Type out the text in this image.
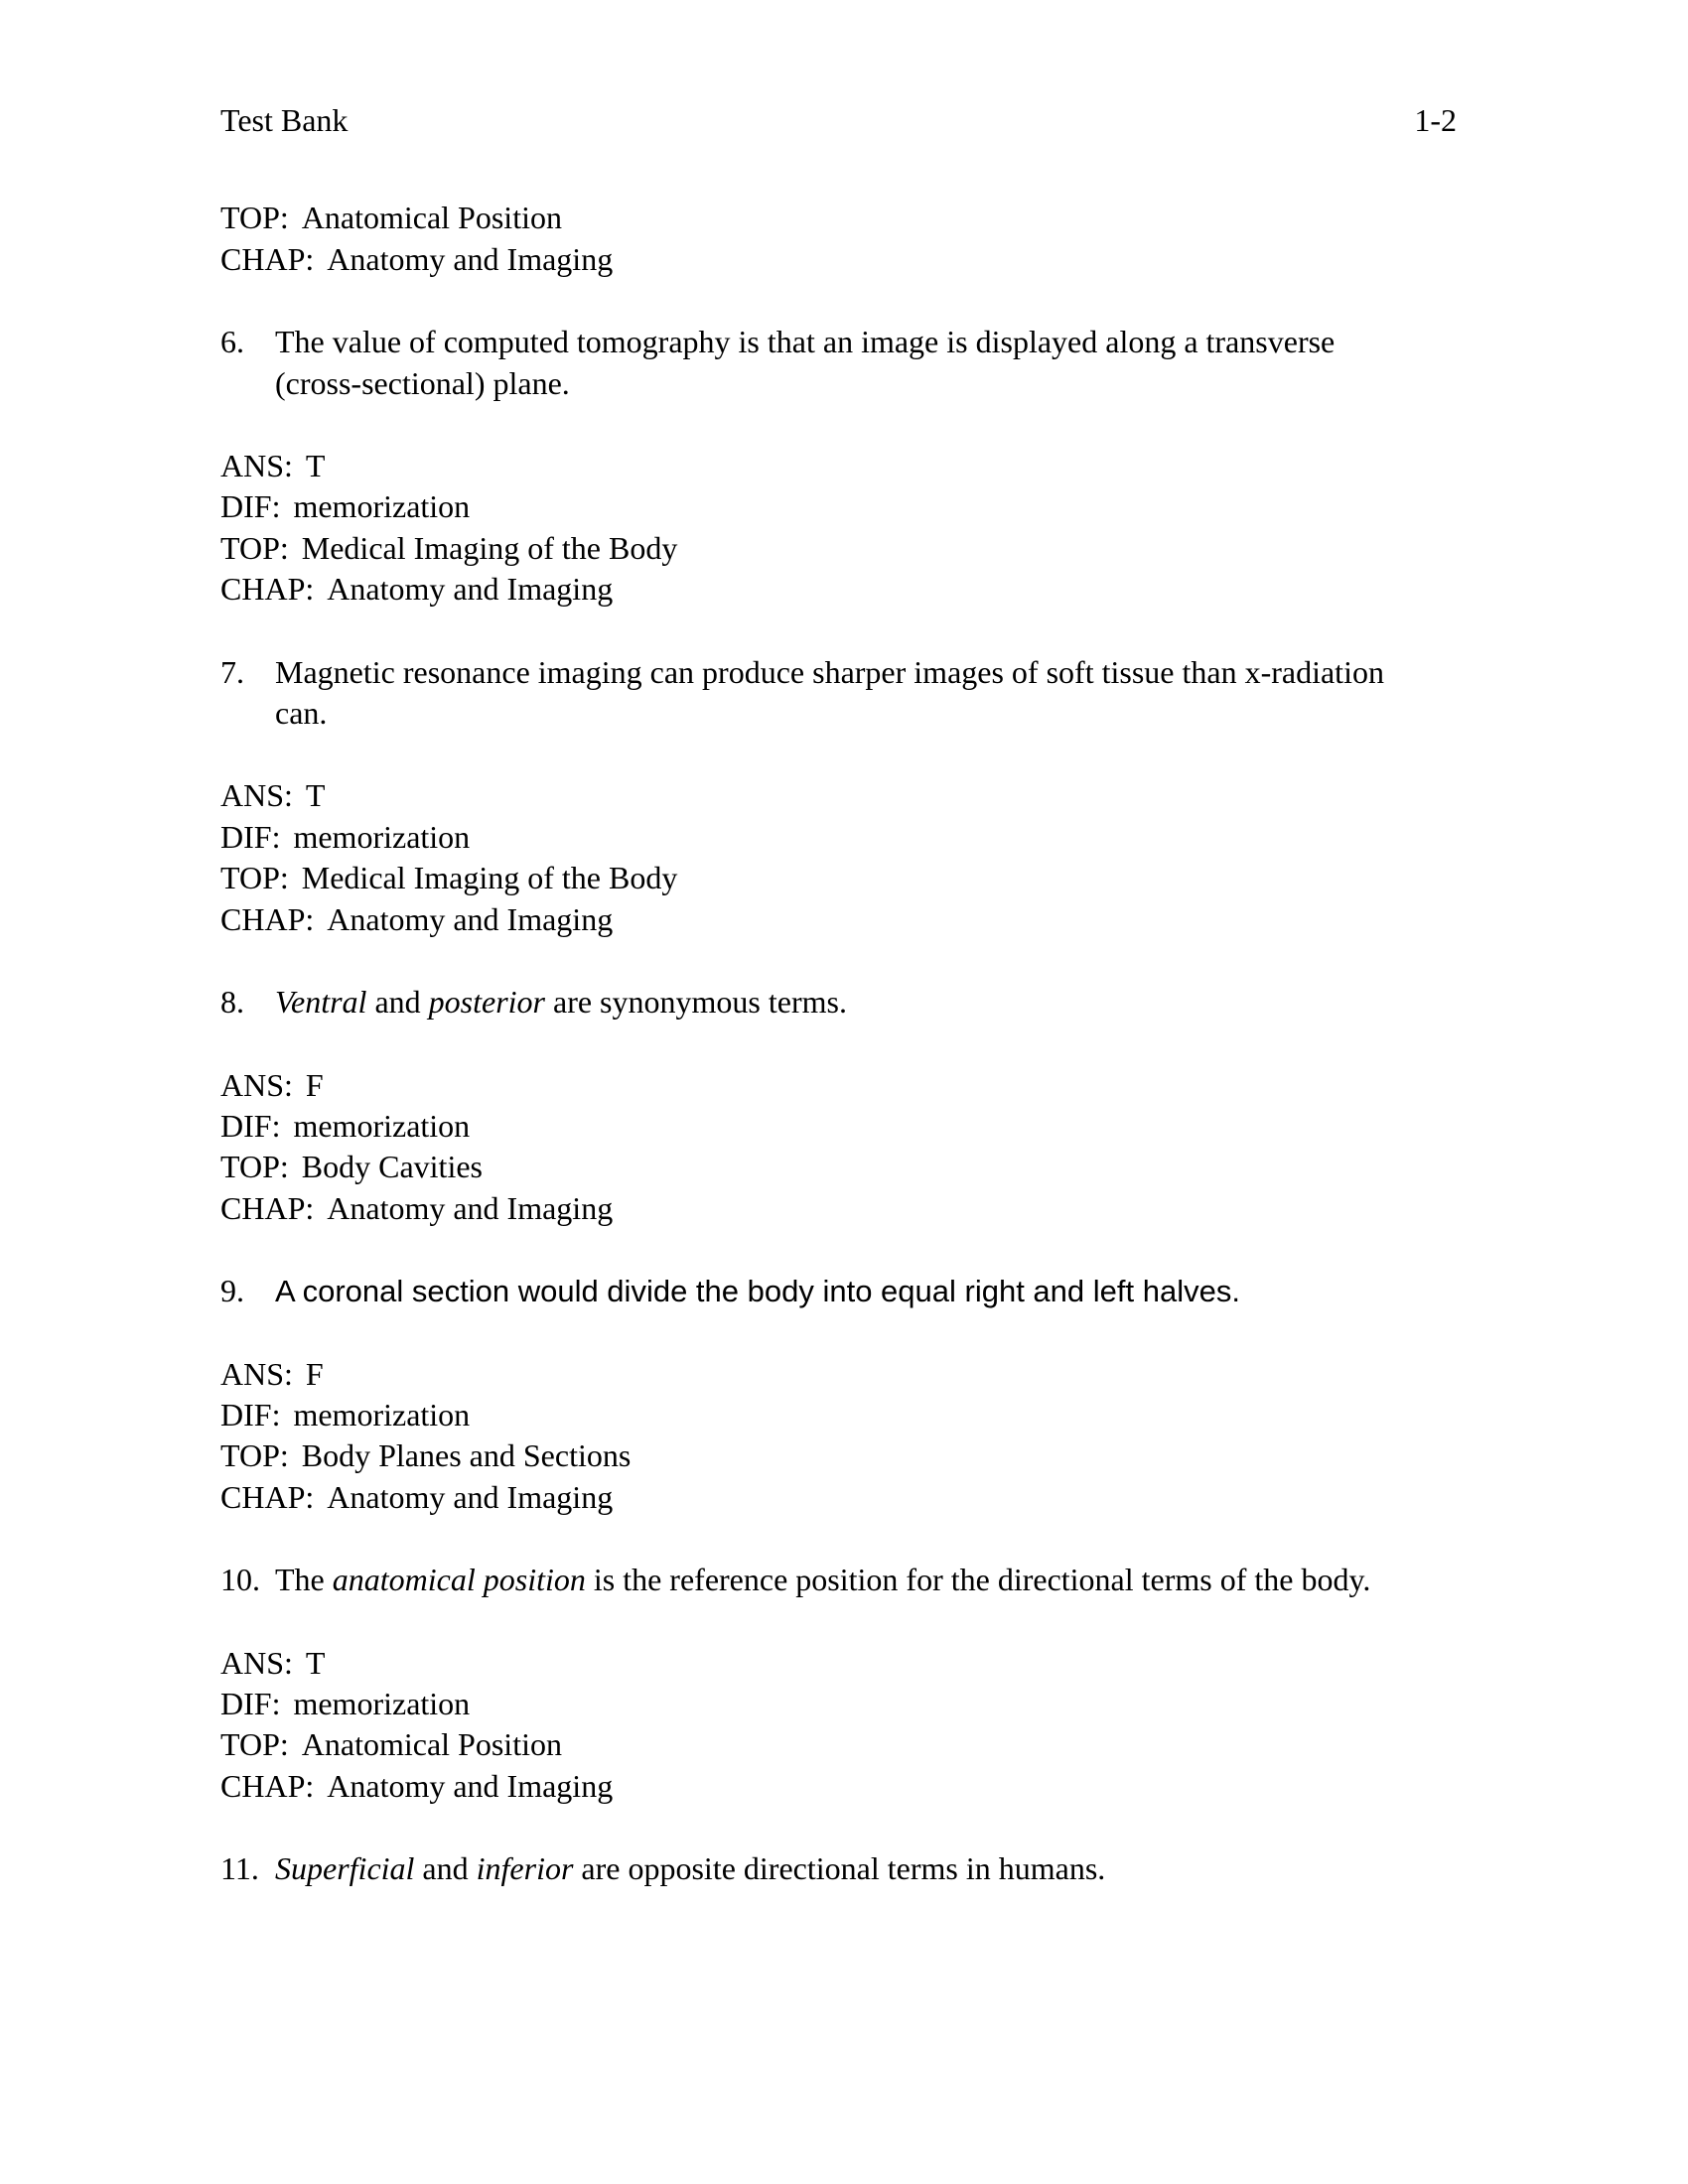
Test Bank	1-2
TOP: Anatomical Position
CHAP: Anatomy and Imaging
6. The value of computed tomography is that an image is displayed along a transverse
(cross-sectional) plane.
ANS: T
DIF: memorization
TOP: Medical Imaging of the Body
CHAP: Anatomy and Imaging
7. Magnetic resonance imaging can produce sharper images of soft tissue than x-radiation
can.
ANS: T
DIF: memorization
TOP: Medical Imaging of the Body
CHAP: Anatomy and Imaging
8. Ventral and posterior are synonymous terms.
ANS: F
DIF: memorization
TOP: Body Cavities
CHAP: Anatomy and Imaging
9.	A coronal section would divide the body into equal right and left halves.
ANS: F
DIF: memorization
TOP: Body Planes and Sections
CHAP: Anatomy and Imaging
10. The anatomical position is the reference position for the directional terms of the body.
ANS: T
DIF: memorization
TOP: Anatomical Position
CHAP: Anatomy and Imaging
11. Superficial and inferior are opposite directional terms in humans.
